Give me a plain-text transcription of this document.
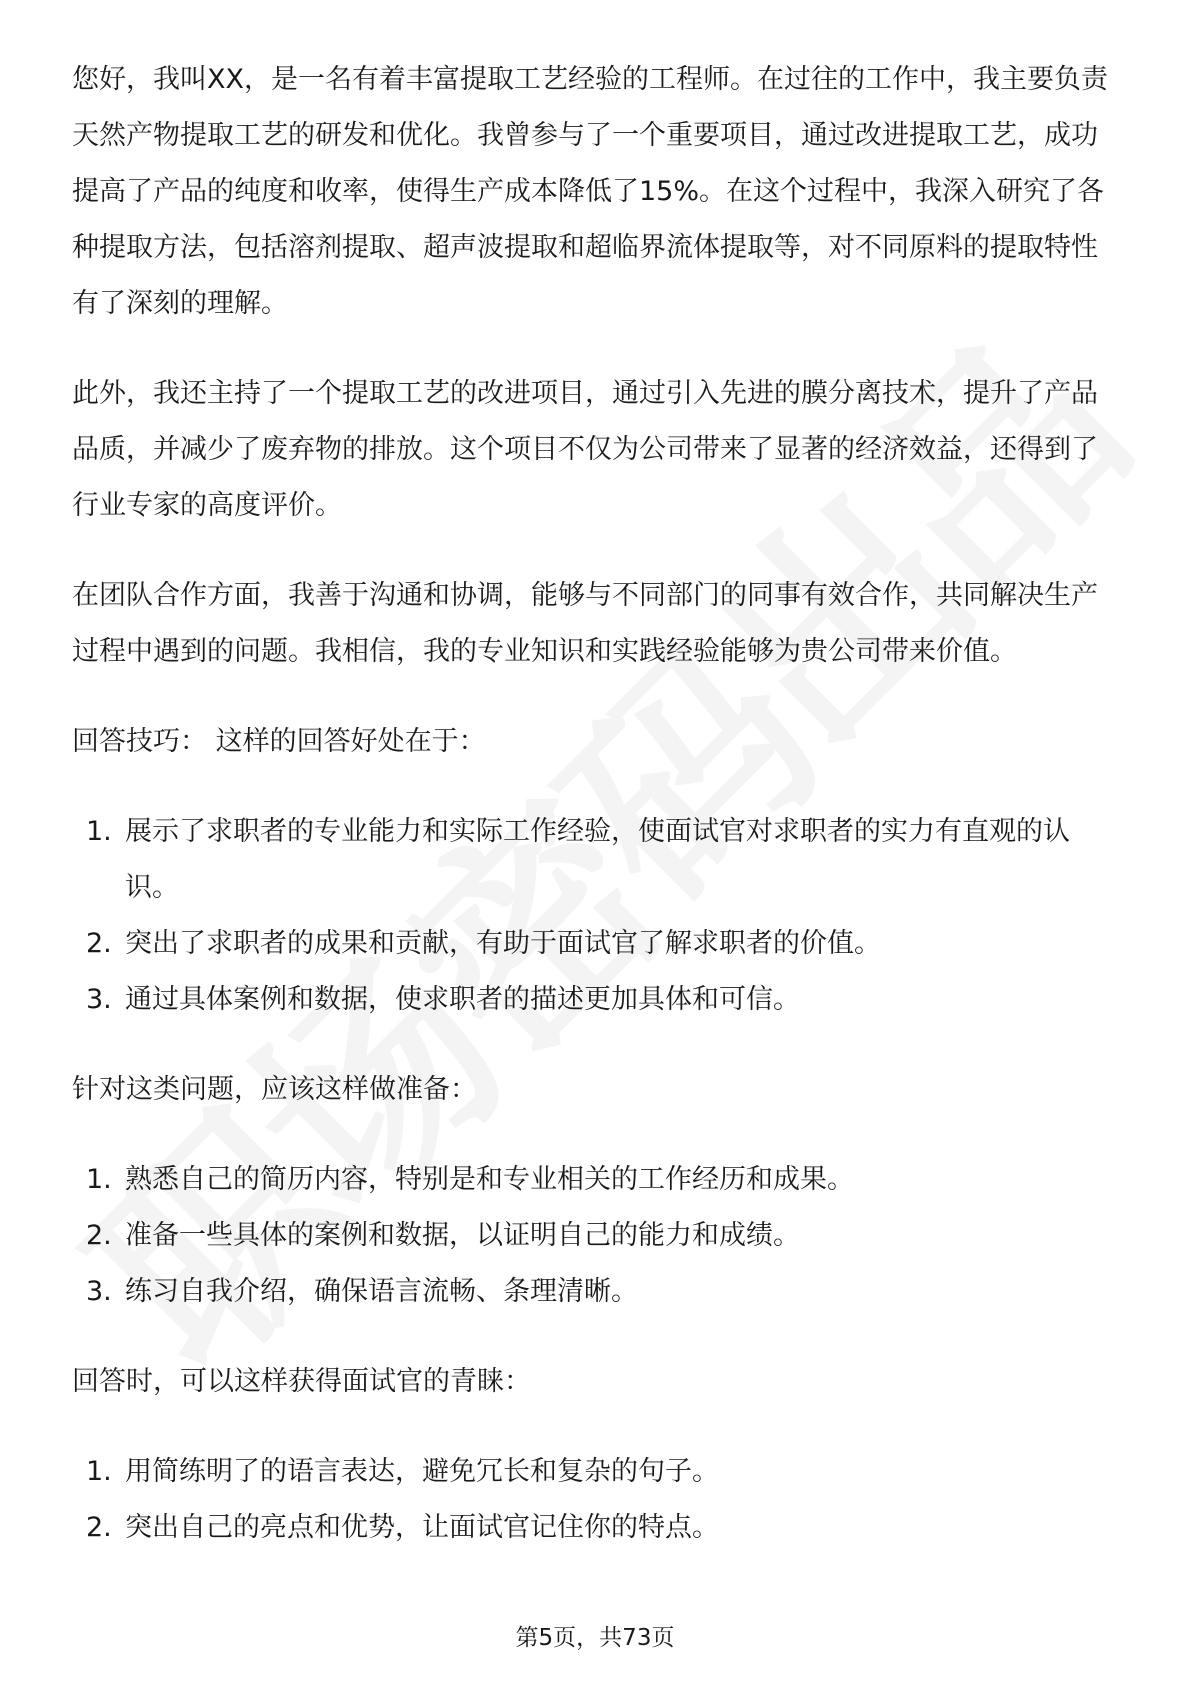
您好，我叫XX，是一名有着丰富提取工艺经验的工程师。在过往的工作中，我主要负责天然产物提取工艺的研发和优化。我曾参与了一个重要项目，通过改进提取工艺，成功提高了产品的纯度和收率，使得生产成本降低了15%。在这个过程中，我深入研究了各种提取方法，包括溶剂提取、超声波提取和超临界流体提取等，对不同原料的提取特性有了深刻的理解。

此外，我还主持了一个提取工艺的改进项目，通过引入先进的膜分离技术，提升了产品品质，并减少了废弃物的排放。这个项目不仅为公司带来了显著的经济效益，还得到了行业专家的高度评价。

在团队合作方面，我善于沟通和协调，能够与不同部门的同事有效合作，共同解决生产过程中遇到的问题。我相信，我的专业知识和实践经验能够为贵公司带来价值。

回答技巧： 这样的回答好处在于：

1. 展示了求职者的专业能力和实际工作经验，使面试官对求职者的实力有直观的认识。
2. 突出了求职者的成果和贡献，有助于面试官了解求职者的价值。
3. 通过具体案例和数据，使求职者的描述更加具体和可信。

针对这类问题，应该这样做准备：

1. 熟悉自己的简历内容，特别是和专业相关的工作经历和成果。
2. 准备一些具体的案例和数据，以证明自己的能力和成绩。
3. 练习自我介绍，确保语言流畅、条理清晰。

回答时，可以这样获得面试官的青睐：

1. 用简练明了的语言表达，避免冗长和复杂的句子。
2. 突出自己的亮点和优势，让面试官记住你的特点。
第5页，共73页
